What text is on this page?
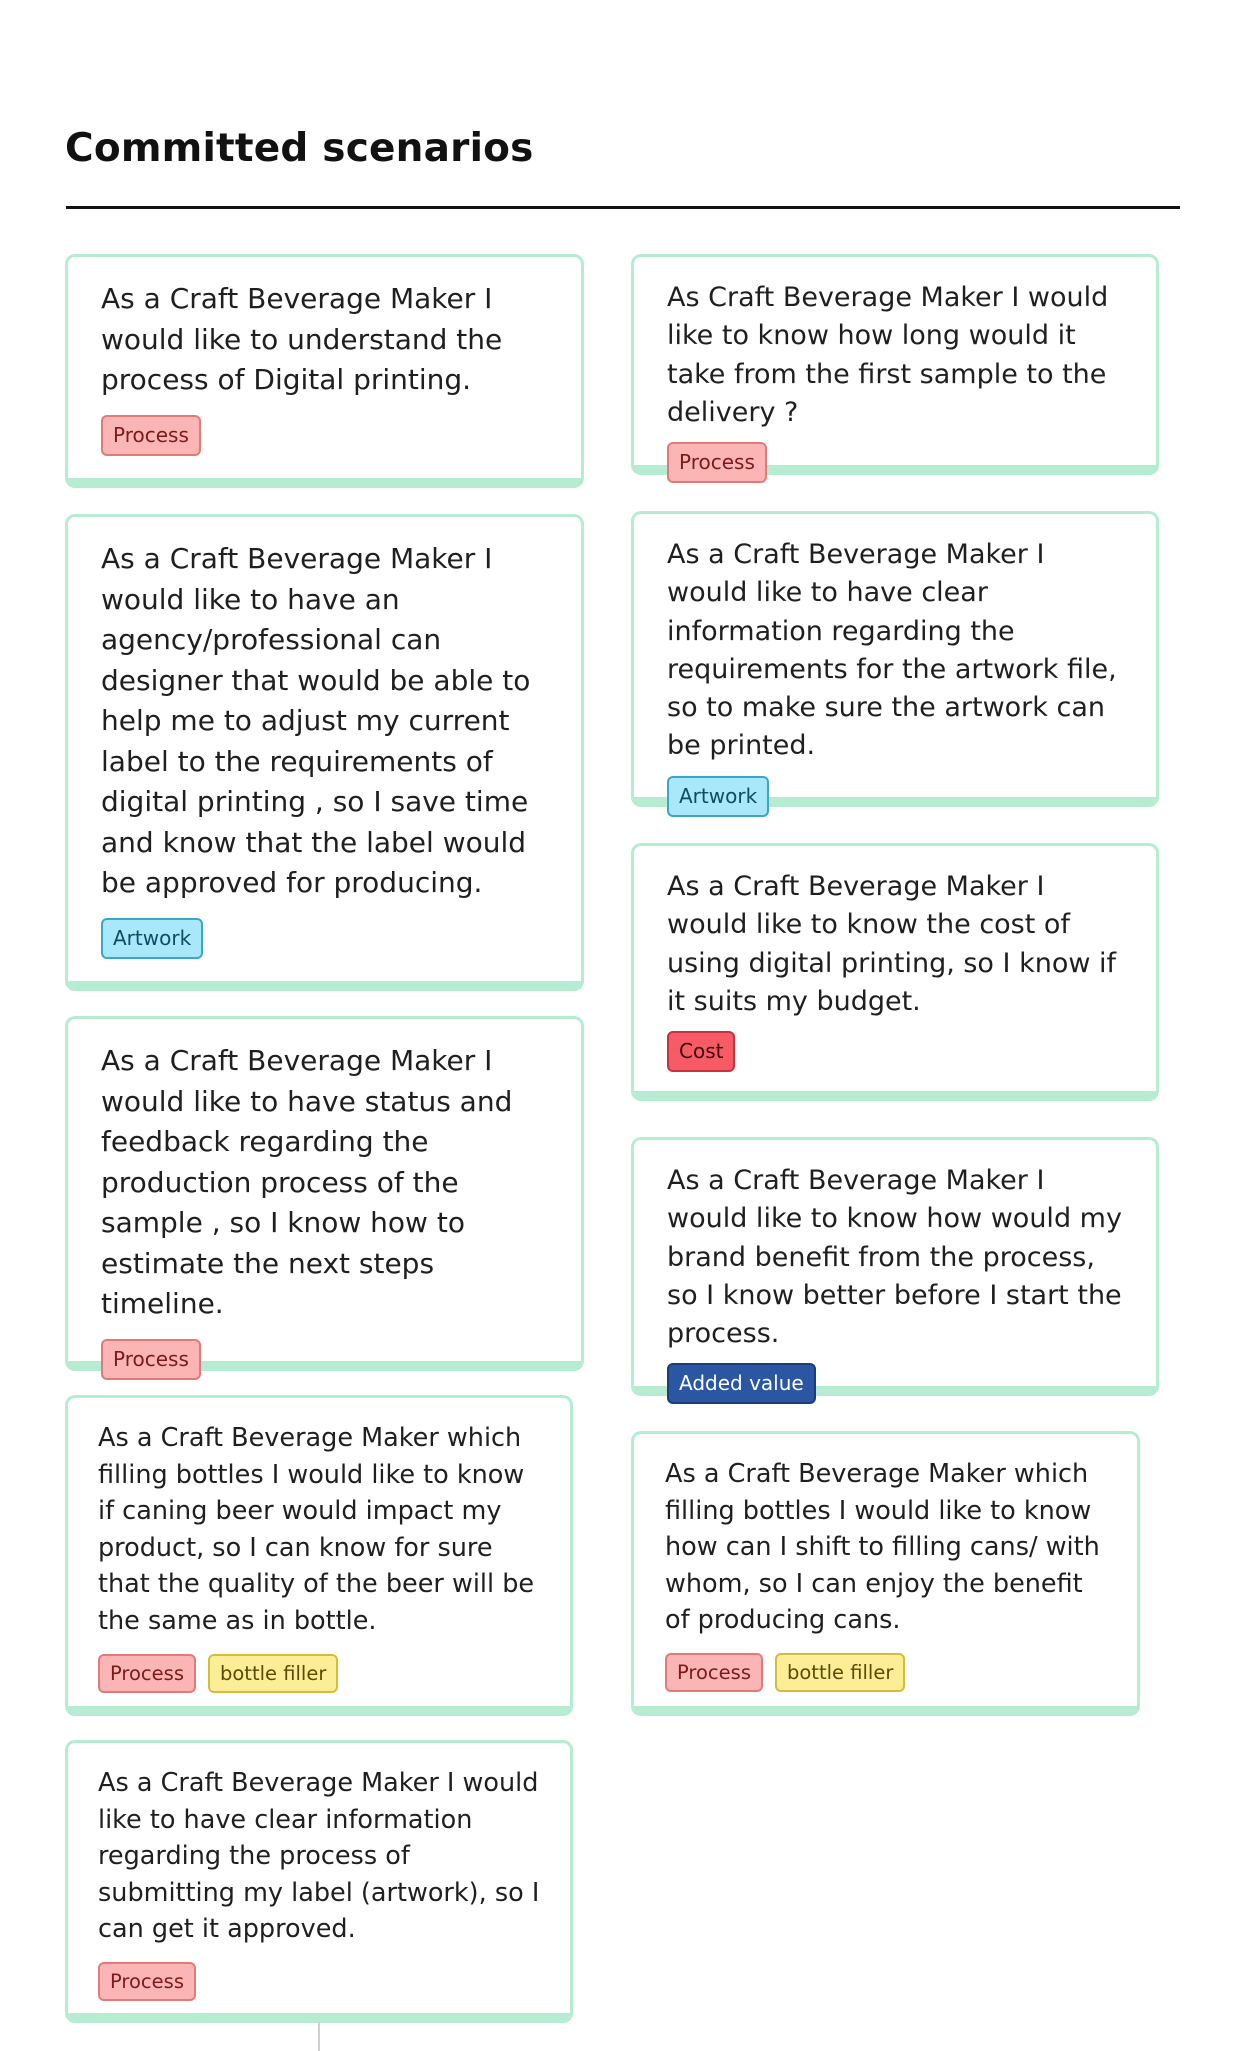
Committed scenarios

As a Craft Beverage Maker I would like to understand the process of Digital printing.

Process

As Craft Beverage Maker I would like to know how long would it take from the first sample to the delivery ?

Process

As a Craft Beverage Maker I would like to have an agency/professional can designer that would be able to help me to adjust my current label to the requirements of digital printing , so I save time and know that the label would be approved for producing.

Artwork

As a Craft Beverage Maker I would like to have clear information regarding the requirements for the artwork file, so to make sure the artwork can be printed.

Artwork

As a Craft Beverage Maker I would like to know the cost of using digital printing, so I know if it suits my budget.

Cost

As a Craft Beverage Maker I would like to have status and feedback regarding the production process of the sample , so I know how to estimate the next steps timeline.

Process

As a Craft Beverage Maker I would like to know how would my brand benefit from the process, so I know better before I start the process.

Added value

As a Craft Beverage Maker which filling bottles I would like to know if caning beer would impact my product, so I can know for sure that the quality of the beer will be the same as in bottle.

Process	bottle filler

As a Craft Beverage Maker which filling bottles I would like to know how can I shift to filling cans/ with whom, so I can enjoy the benefit of producing cans.

Process	bottle filler

As a Craft Beverage Maker I would like to have clear information regarding the process of submitting my label (artwork), so I can get it approved.

Process
